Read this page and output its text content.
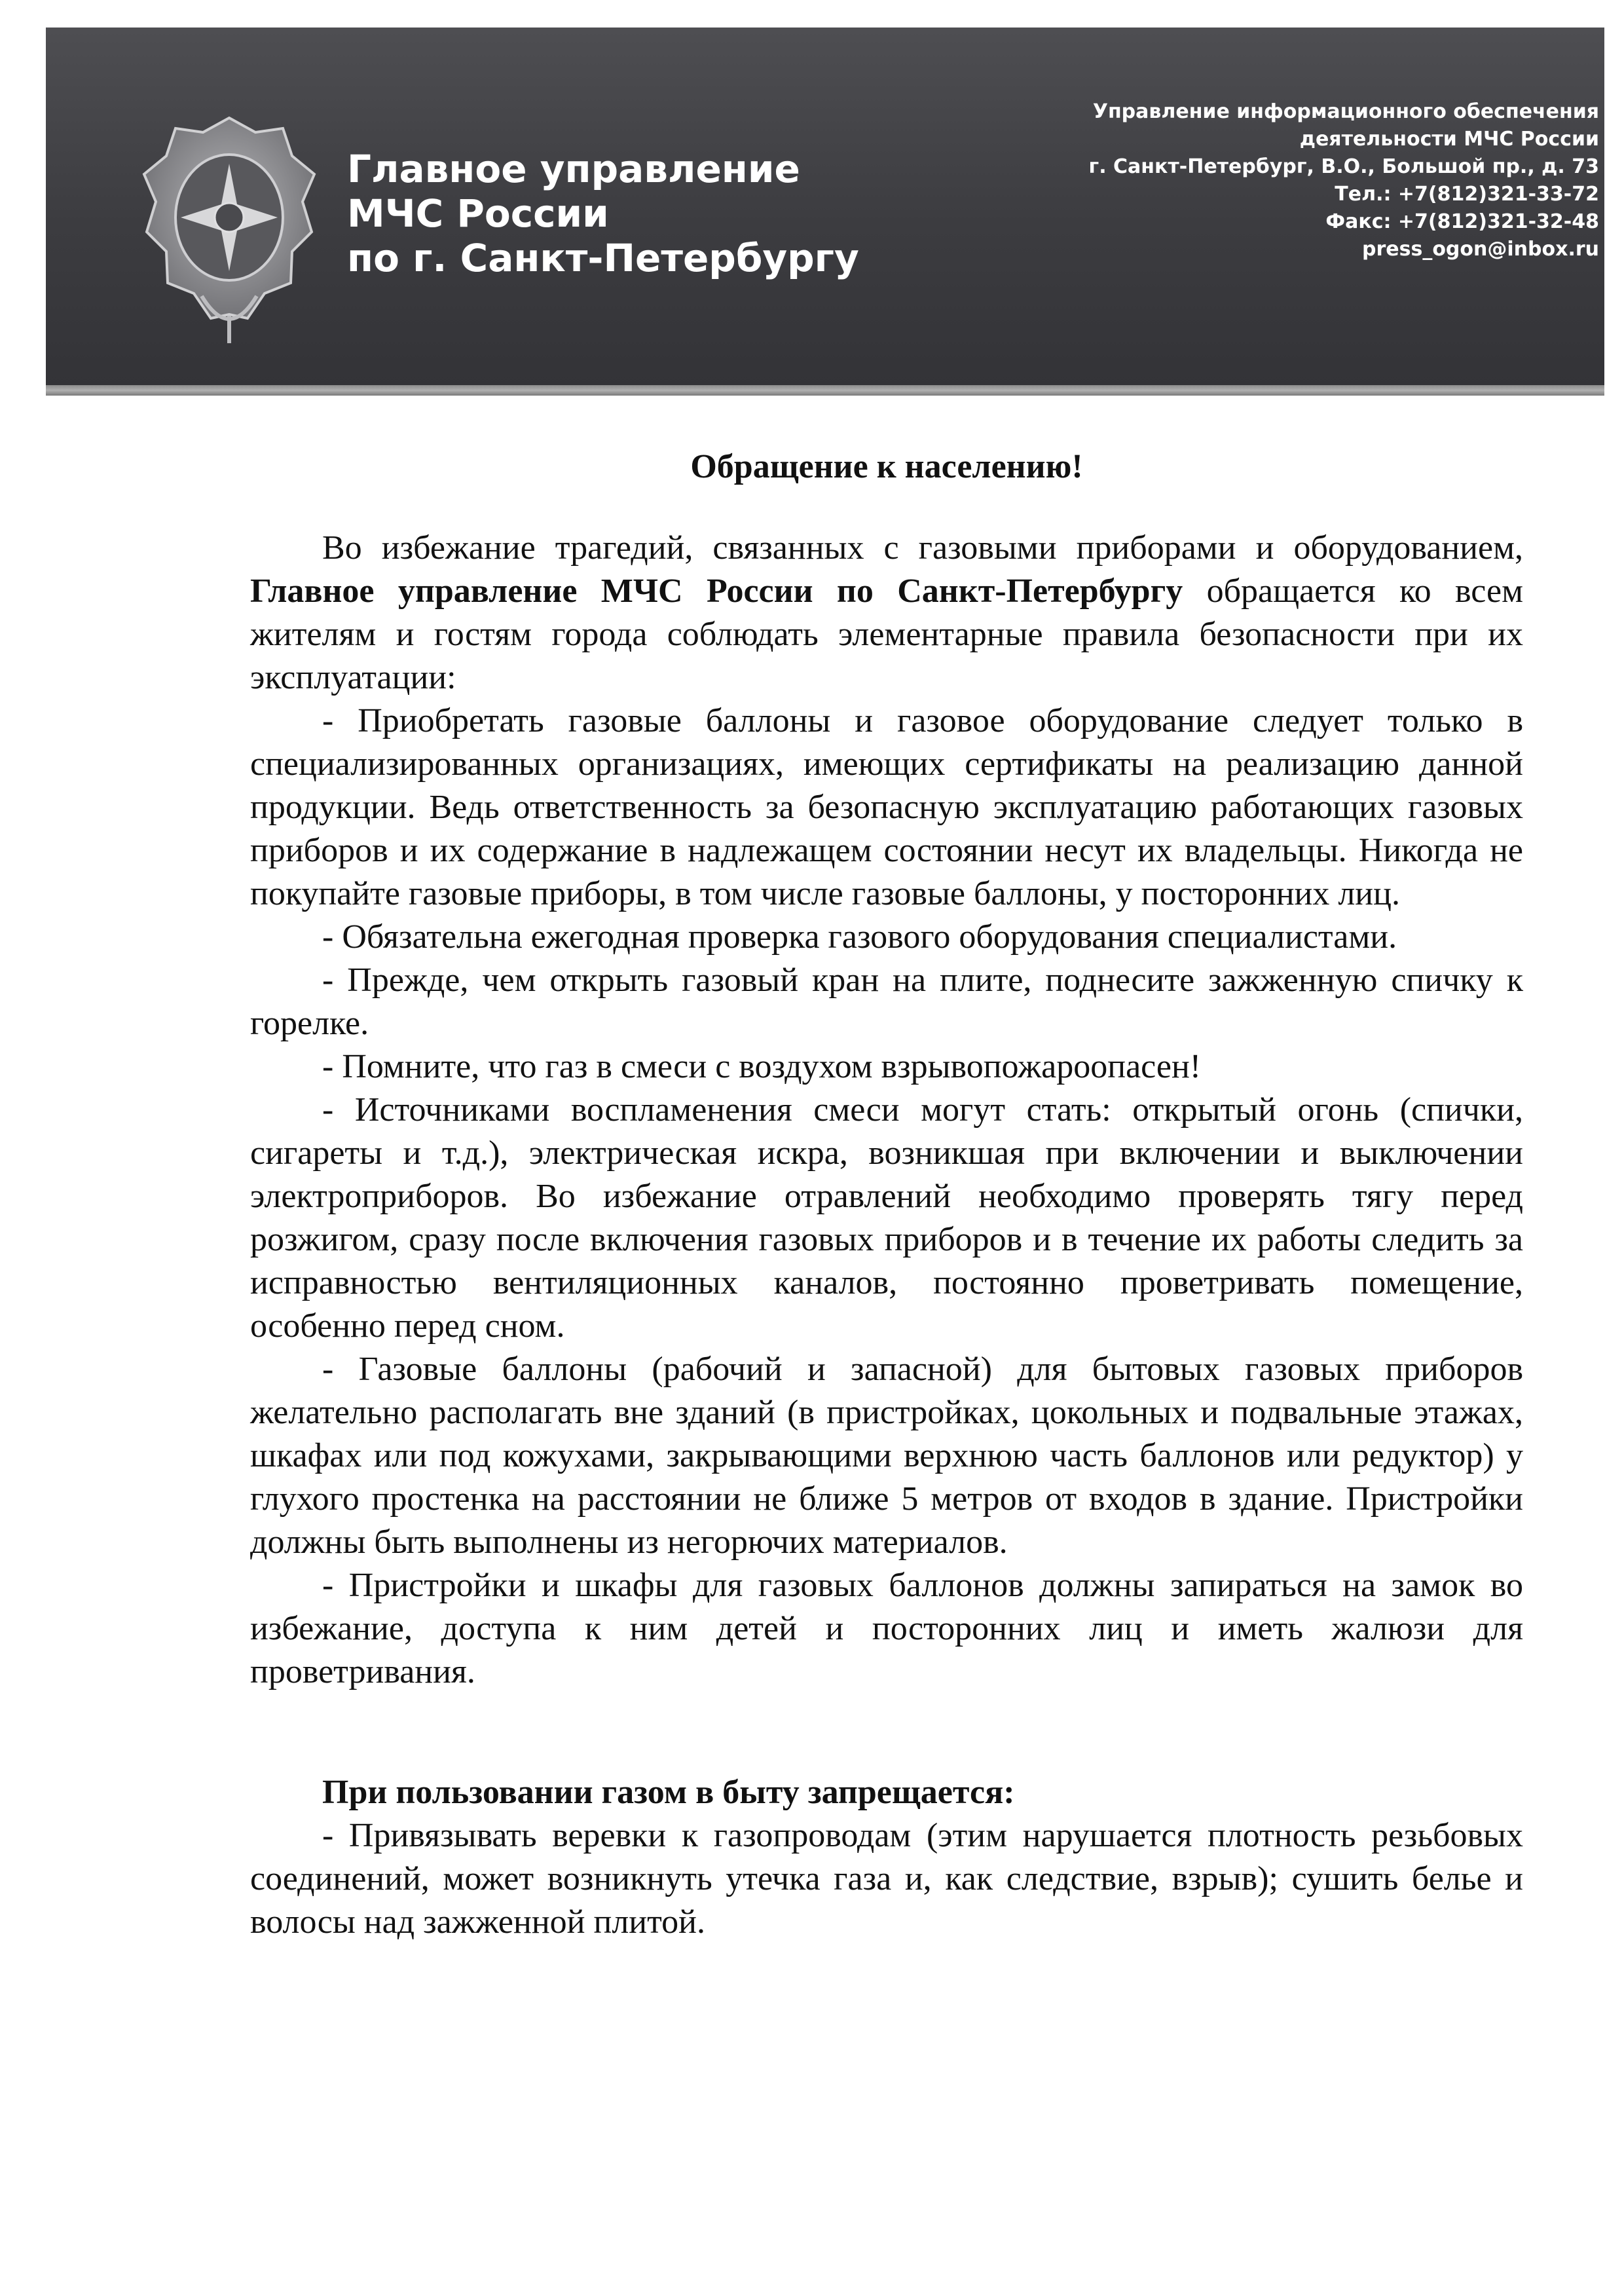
Главное управление
МЧС России
по г. Санкт-Петербургу
Управление информационного обеспечения
деятельности МЧС России
г. Санкт-Петербург, В.О., Большой пр., д. 73
Тел.: +7(812)321-33-72
Факс: +7(812)321-32-48
press_ogon@inbox.ru

Обращение к населению!

Во избежание трагедий, связанных с газовыми приборами и оборудованием, Главное управление МЧС России по Санкт-Петербургу обращается ко всем жителям и гостям города соблюдать элементарные правила безопасности при их эксплуатации:

- Приобретать газовые баллоны и газовое оборудование следует только в специализированных организациях, имеющих сертификаты на реализацию данной продукции. Ведь ответственность за безопасную эксплуатацию работающих газовых приборов и их содержание в надлежащем состоянии несут их владельцы. Никогда не покупайте газовые приборы, в том числе газовые баллоны, у посторонних лиц.

- Обязательна ежегодная проверка газового оборудования специалистами.

- Прежде, чем открыть газовый кран на плите, поднесите зажженную спичку к горелке.

- Помните, что газ в смеси с воздухом взрывопожароопасен!

- Источниками воспламенения смеси могут стать: открытый огонь (спички, сигареты и т.д.), электрическая искра, возникшая при включении и выключении электроприборов. Во избежание отравлений необходимо проверять тягу перед розжигом, сразу после включения газовых приборов и в течение их работы следить за исправностью вентиляционных каналов, постоянно проветривать помещение, особенно перед сном.

- Газовые баллоны (рабочий и запасной) для бытовых газовых приборов желательно располагать вне зданий (в пристройках, цокольных и подвальные этажах, шкафах или под кожухами, закрывающими верхнюю часть баллонов или редуктор) у глухого простенка на расстоянии не ближе 5 метров от входов в здание. Пристройки должны быть выполнены из негорючих материалов.

- Пристройки и шкафы для газовых баллонов должны запираться на замок во избежание, доступа к ним детей и посторонних лиц и иметь жалюзи для проветривания.

При пользовании газом в быту запрещается:

- Привязывать веревки к газопроводам (этим нарушается плотность резьбовых соединений, может возникнуть утечка газа и, как следствие, взрыв); сушить белье и волосы над зажженной плитой.
